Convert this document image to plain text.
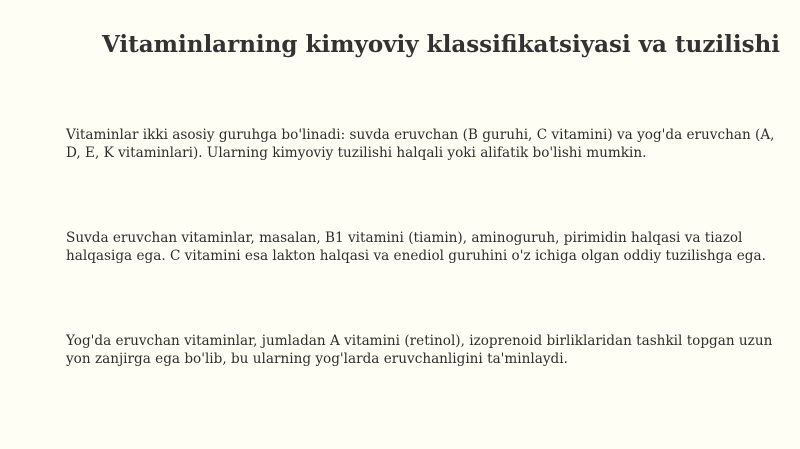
Vitaminlarning kimyoviy klassifikatsiyasi va tuzilishi

Vitaminlar ikki asosiy guruhga bo'linadi: suvda eruvchan (B guruhi, C vitamini) va yog'da eruvchan (A, D, E, K vitaminlari). Ularning kimyoviy tuzilishi halqali yoki alifatik bo'lishi mumkin.

Suvda eruvchan vitaminlar, masalan, B1 vitamini (tiamin), aminoguruh, pirimidin halqasi va tiazol halqasiga ega. C vitamini esa lakton halqasi va enediol guruhini o'z ichiga olgan oddiy tuzilishga ega.

Yog'da eruvchan vitaminlar, jumladan A vitamini (retinol), izoprenoid birliklaridan tashkil topgan uzun yon zanjirga ega bo'lib, bu ularning yog'larda eruvchanligini ta'minlaydi.
